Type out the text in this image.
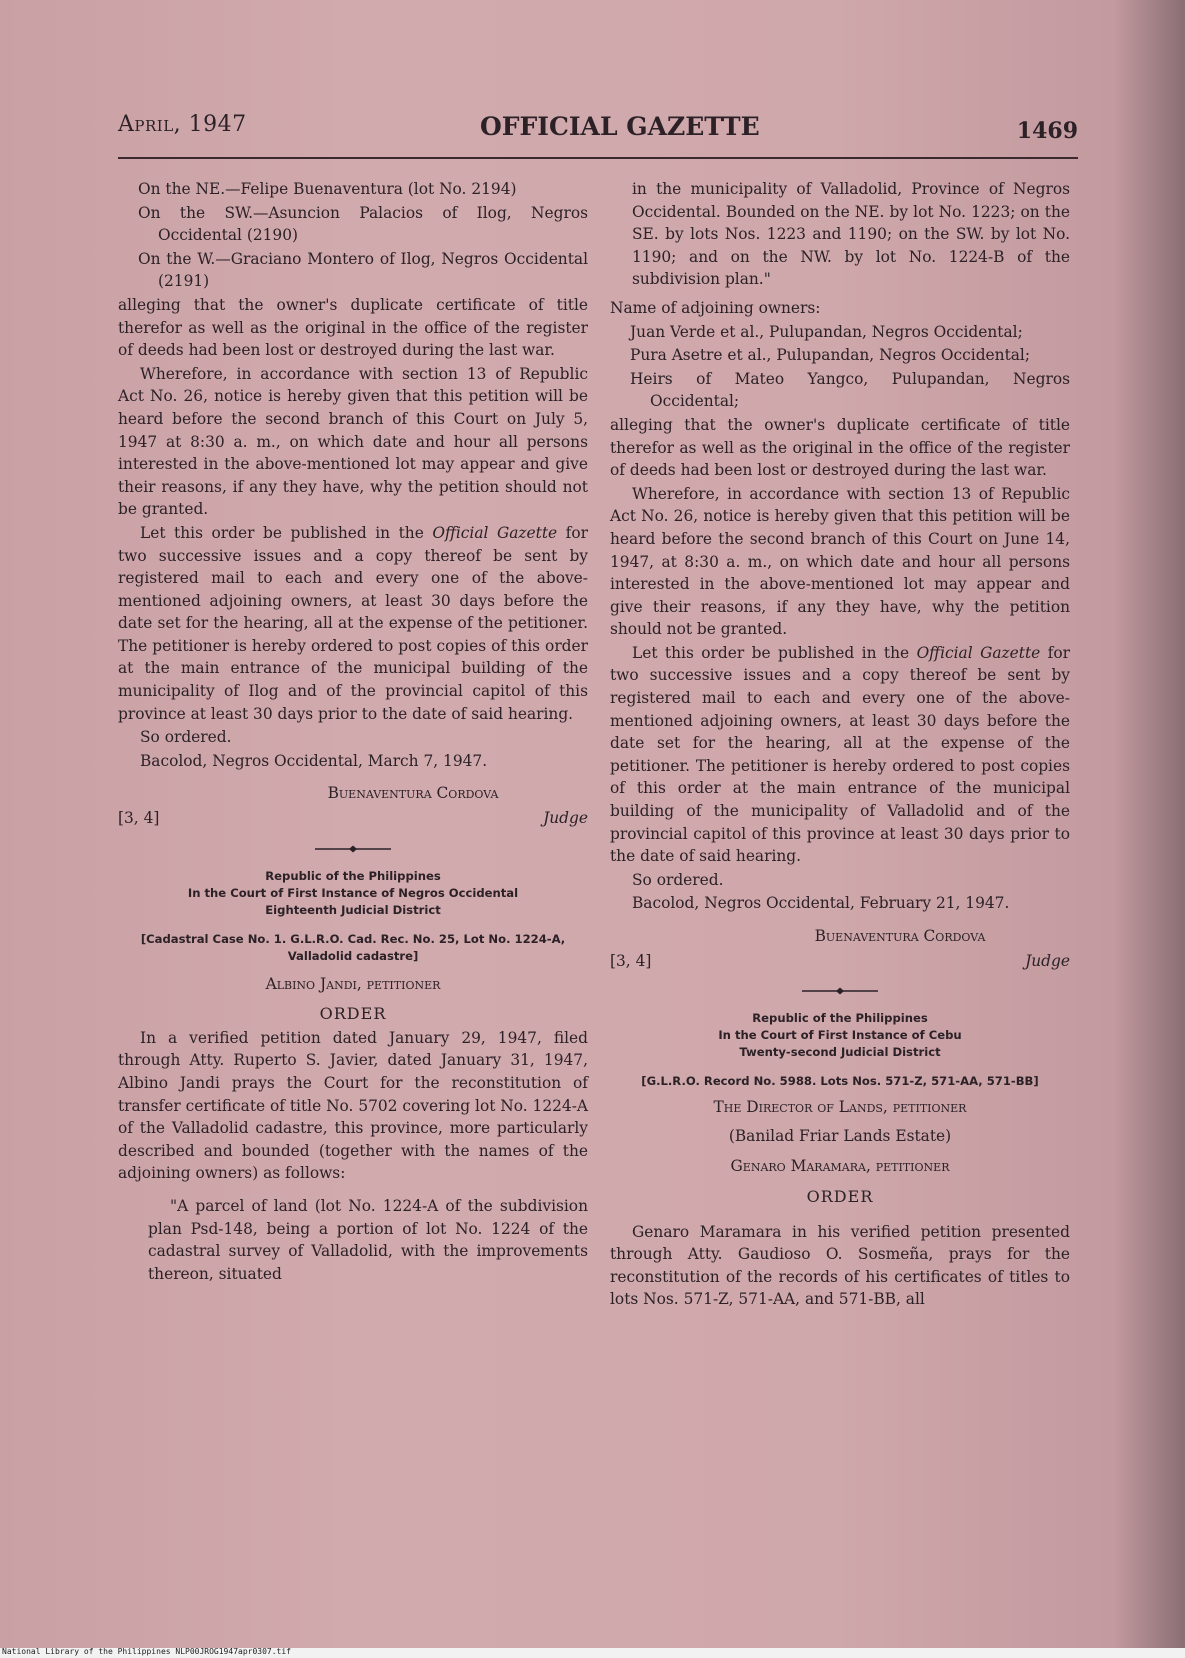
April, 1947	OFFICIAL GAZETTE	1469

On the NE.—Felipe Buenaventura (lot No. 2194)

On the SW.—Asuncion Palacios of Ilog, Negros Occidental (2190)

On the W.—Graciano Montero of Ilog, Negros Occidental (2191)

alleging that the owner's duplicate certificate of title therefor as well as the original in the office of the register of deeds had been lost or destroyed during the last war.

Wherefore, in accordance with section 13 of Republic Act No. 26, notice is hereby given that this petition will be heard before the second branch of this Court on July 5, 1947 at 8:30 a. m., on which date and hour all persons interested in the above-mentioned lot may appear and give their reasons, if any they have, why the petition should not be granted.

Let this order be published in the Official Gazette for two successive issues and a copy thereof be sent by registered mail to each and every one of the above-mentioned adjoining owners, at least 30 days before the date set for the hearing, all at the expense of the petitioner. The petitioner is hereby ordered to post copies of this order at the main entrance of the municipal building of the municipality of Ilog and of the provincial capitol of this province at least 30 days prior to the date of said hearing.

So ordered.

Bacolod, Negros Occidental, March 7, 1947.

Buenaventura Cordova

[3, 4]	Judge
Republic of the Philippines
In the Court of First Instance of Negros Occidental
Eighteenth Judicial District
[Cadastral Case No. 1. G.L.R.O. Cad. Rec. No. 25, Lot No. 1224-A, Valladolid cadastre]

Albino Jandi, petitioner

ORDER

In a verified petition dated January 29, 1947, filed through Atty. Ruperto S. Javier, dated January 31, 1947, Albino Jandi prays the Court for the reconstitution of transfer certificate of title No. 5702 covering lot No. 1224-A of the Valladolid cadastre, this province, more particularly described and bounded (together with the names of the adjoining owners) as follows:

"A parcel of land (lot No. 1224-A of the subdivision plan Psd-148, being a portion of lot No. 1224 of the cadastral survey of Valladolid, with the improvements thereon, situated

in the municipality of Valladolid, Province of Negros Occidental. Bounded on the NE. by lot No. 1223; on the SE. by lots Nos. 1223 and 1190; on the SW. by lot No. 1190; and on the NW. by lot No. 1224-B of the subdivision plan."

Name of adjoining owners:

Juan Verde et al., Pulupandan, Negros Occidental;

Pura Asetre et al., Pulupandan, Negros Occidental;

Heirs of Mateo Yangco, Pulupandan, Negros Occidental;

alleging that the owner's duplicate certificate of title therefor as well as the original in the office of the register of deeds had been lost or destroyed during the last war.

Wherefore, in accordance with section 13 of Republic Act No. 26, notice is hereby given that this petition will be heard before the second branch of this Court on June 14, 1947, at 8:30 a. m., on which date and hour all persons interested in the above-mentioned lot may appear and give their reasons, if any they have, why the petition should not be granted.

Let this order be published in the Official Gazette for two successive issues and a copy thereof be sent by registered mail to each and every one of the above-mentioned adjoining owners, at least 30 days before the date set for the hearing, all at the expense of the petitioner. The petitioner is hereby ordered to post copies of this order at the main entrance of the municipal building of the municipality of Valladolid and of the provincial capitol of this province at least 30 days prior to the date of said hearing.

So ordered.

Bacolod, Negros Occidental, February 21, 1947.

Buenaventura Cordova

[3, 4]	Judge
Republic of the Philippines
In the Court of First Instance of Cebu
Twenty-second Judicial District
[G.L.R.O. Record No. 5988. Lots Nos. 571-Z, 571-AA, 571-BB]

The Director of Lands, petitioner

(Banilad Friar Lands Estate)

Genaro Maramara, petitioner

ORDER

Genaro Maramara in his verified petition presented through Atty. Gaudioso O. Sosmeña, prays for the reconstitution of the records of his certificates of titles to lots Nos. 571-Z, 571-AA, and 571-BB, all

National Library of the Philippines NLP00JROG1947apr0307.tif
